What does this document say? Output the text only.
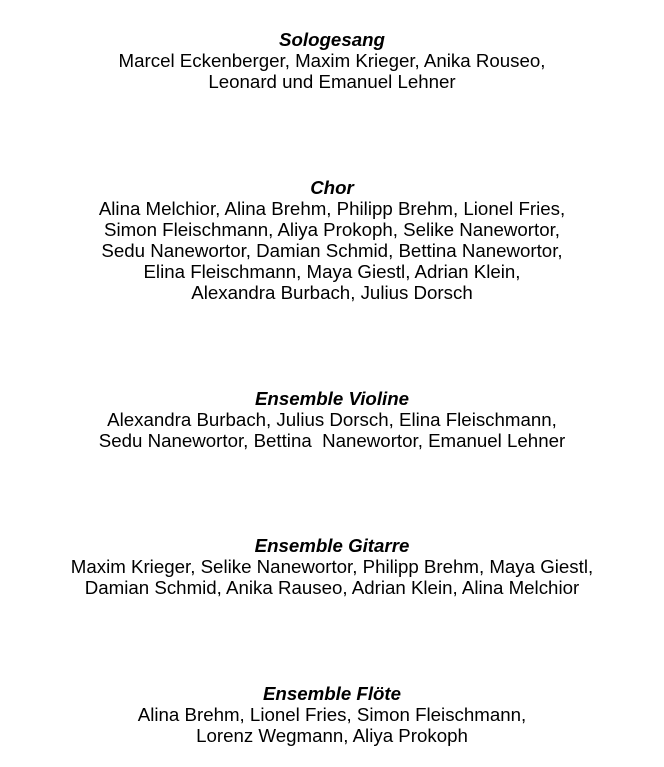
Sologesang
Marcel Eckenberger, Maxim Krieger, Anika Rouseo,
Leonard und Emanuel Lehner
Chor
Alina Melchior, Alina Brehm, Philipp Brehm, Lionel Fries,
Simon Fleischmann, Aliya Prokoph, Selike Nanewortor,
Sedu Nanewortor, Damian Schmid, Bettina Nanewortor,
Elina Fleischmann, Maya Giestl, Adrian Klein,
Alexandra Burbach, Julius Dorsch
Ensemble Violine
Alexandra Burbach, Julius Dorsch, Elina Fleischmann,
Sedu Nanewortor, Bettina  Nanewortor, Emanuel Lehner
Ensemble Gitarre
Maxim Krieger, Selike Nanewortor, Philipp Brehm, Maya Giestl,
Damian Schmid, Anika Rauseo, Adrian Klein, Alina Melchior
Ensemble Flöte
Alina Brehm, Lionel Fries, Simon Fleischmann,
Lorenz Wegmann, Aliya Prokoph
